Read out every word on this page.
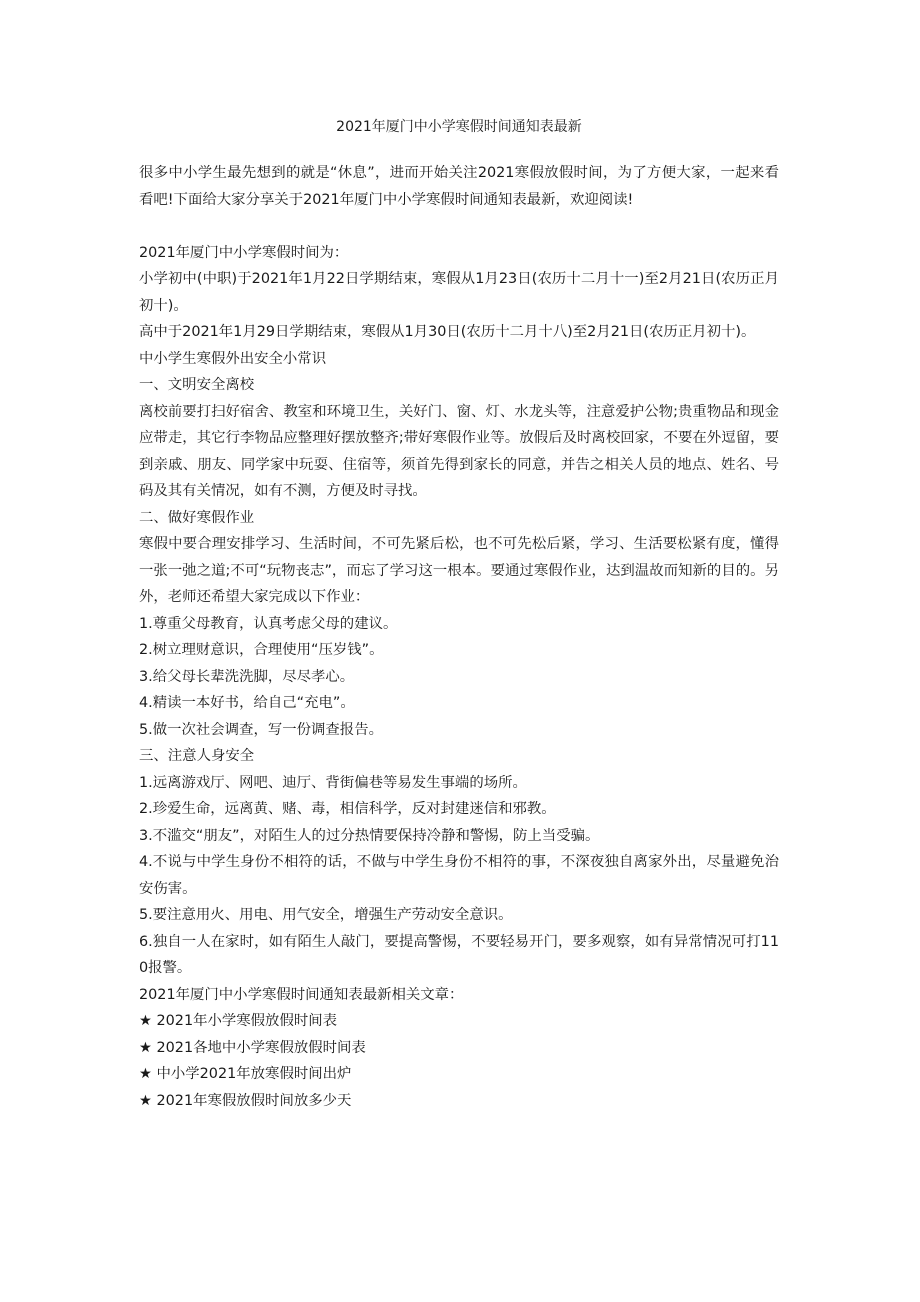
2021年厦门中小学寒假时间通知表最新

很多中小学生最先想到的就是“休息”，进而开始关注2021寒假放假时间，为了方便大家，一起来看看吧!下面给大家分享关于2021年厦门中小学寒假时间通知表最新，欢迎阅读!

2021年厦门中小学寒假时间为：

小学初中(中职)于2021年1月22日学期结束，寒假从1月23日(农历十二月十一)至2月21日(农历正月初十)。

高中于2021年1月29日学期结束，寒假从1月30日(农历十二月十八)至2月21日(农历正月初十)。

中小学生寒假外出安全小常识

一、文明安全离校

离校前要打扫好宿舍、教室和环境卫生，关好门、窗、灯、水龙头等，注意爱护公物;贵重物品和现金应带走，其它行李物品应整理好摆放整齐;带好寒假作业等。放假后及时离校回家，不要在外逗留，要到亲戚、朋友、同学家中玩耍、住宿等，须首先得到家长的同意，并告之相关人员的地点、姓名、号码及其有关情况，如有不测，方便及时寻找。

二、做好寒假作业

寒假中要合理安排学习、生活时间，不可先紧后松，也不可先松后紧，学习、生活要松紧有度，懂得一张一弛之道;不可“玩物丧志”，而忘了学习这一根本。要通过寒假作业，达到温故而知新的目的。另外，老师还希望大家完成以下作业：

1.尊重父母教育，认真考虑父母的建议。

2.树立理财意识，合理使用“压岁钱”。

3.给父母长辈洗洗脚，尽尽孝心。

4.精读一本好书，给自己“充电”。

5.做一次社会调查，写一份调查报告。

三、注意人身安全

1.远离游戏厅、网吧、迪厅、背街偏巷等易发生事端的场所。

2.珍爱生命，远离黄、赌、毒，相信科学，反对封建迷信和邪教。

3.不滥交“朋友”，对陌生人的过分热情要保持冷静和警惕，防上当受骗。

4.不说与中学生身份不相符的话，不做与中学生身份不相符的事，不深夜独自离家外出，尽量避免治安伤害。

5.要注意用火、用电、用气安全，增强生产劳动安全意识。

6.独自一人在家时，如有陌生人敲门，要提高警惕，不要轻易开门，要多观察，如有异常情况可打110报警。

2021年厦门中小学寒假时间通知表最新相关文章：

★ 2021年小学寒假放假时间表

★ 2021各地中小学寒假放假时间表

★ 中小学2021年放寒假时间出炉

★ 2021年寒假放假时间放多少天
